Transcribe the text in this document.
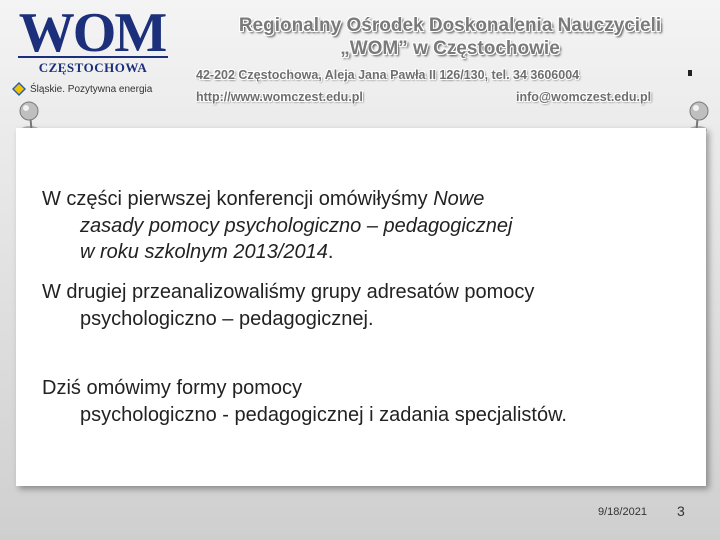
WOM
CZĘSTOCHOWA
Śląskie. Pozytywna energia
Regionalny Ośrodek Doskonalenia Nauczycieli
„WOM” w Częstochowie
42-202 Częstochowa, Aleja Jana Pawła II 126/130, tel. 34 3606004
http://www.womczest.edu.pl	info@womczest.edu.pl
W części pierwszej konferencji omówiłyśmy Nowe
zasady pomocy psychologiczno – pedagogicznej
w roku szkolnym 2013/2014.
W drugiej przeanalizowaliśmy grupy adresatów pomocy
psychologiczno – pedagogicznej.
Dziś omówimy formy pomocy
psychologiczno - pedagogicznej i zadania specjalistów.
9/18/2021 3
